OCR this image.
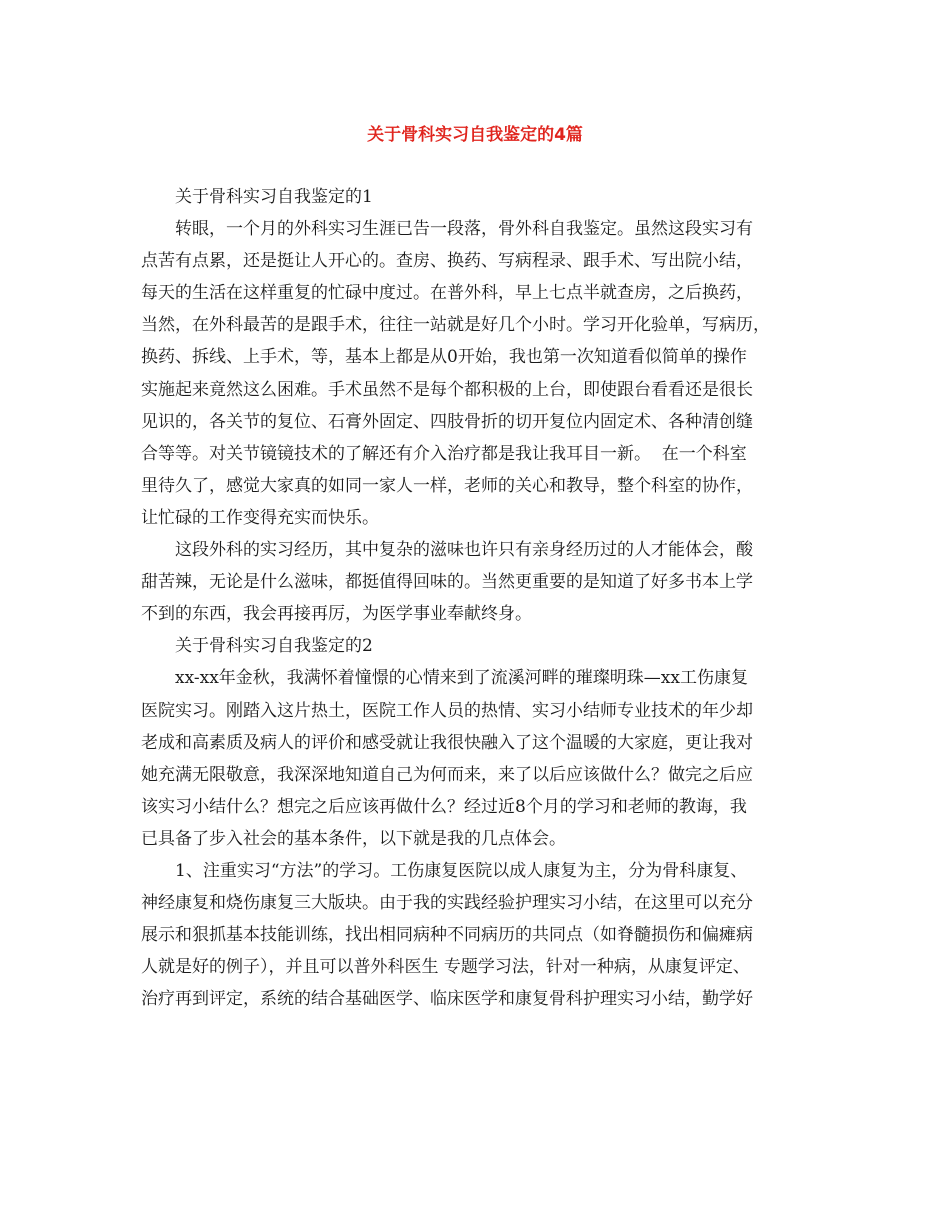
关于骨科实习自我鉴定的4篇
关于骨科实习自我鉴定的1
转眼，一个月的外科实习生涯已告一段落，骨外科自我鉴定。虽然这段实习有
点苦有点累，还是挺让人开心的。查房、换药、写病程录、跟手术、写出院小结，
每天的生活在这样重复的忙碌中度过。在普外科，早上七点半就查房，之后换药，
当然，在外科最苦的是跟手术，往往一站就是好几个小时。学习开化验单，写病历，
换药、拆线、上手术，等，基本上都是从0开始，我也第一次知道看似简单的操作
实施起来竟然这么困难。手术虽然不是每个都积极的上台，即使跟台看看还是很长
见识的，各关节的复位、石膏外固定、四肢骨折的切开复位内固定术、各种清创缝
合等等。对关节镜镜技术的了解还有介入治疗都是我让我耳目一新。  在一个科室
里待久了，感觉大家真的如同一家人一样，老师的关心和教导，整个科室的协作，
让忙碌的工作变得充实而快乐。
这段外科的实习经历，其中复杂的滋味也许只有亲身经历过的人才能体会，酸
甜苦辣，无论是什么滋味，都挺值得回味的。当然更重要的是知道了好多书本上学
不到的东西，我会再接再厉，为医学事业奉献终身。
关于骨科实习自我鉴定的2
xx-xx年金秋，我满怀着憧憬的心情来到了流溪河畔的璀璨明珠—xx工伤康复
医院实习。刚踏入这片热土，医院工作人员的热情、实习小结师专业技术的年少却
老成和高素质及病人的评价和感受就让我很快融入了这个温暖的大家庭，更让我对
她充满无限敬意，我深深地知道自己为何而来，来了以后应该做什么？做完之后应
该实习小结什么？想完之后应该再做什么？经过近8个月的学习和老师的教诲，我
已具备了步入社会的基本条件，以下就是我的几点体会。
1、注重实习“方法”的学习。工伤康复医院以成人康复为主，分为骨科康复、
神经康复和烧伤康复三大版块。由于我的实践经验护理实习小结，在这里可以充分
展示和狠抓基本技能训练，找出相同病种不同病历的共同点（如脊髓损伤和偏瘫病
人就是好的例子），并且可以普外科医生 专题学习法，针对一种病，从康复评定、
治疗再到评定，系统的结合基础医学、临床医学和康复骨科护理实习小结，勤学好
